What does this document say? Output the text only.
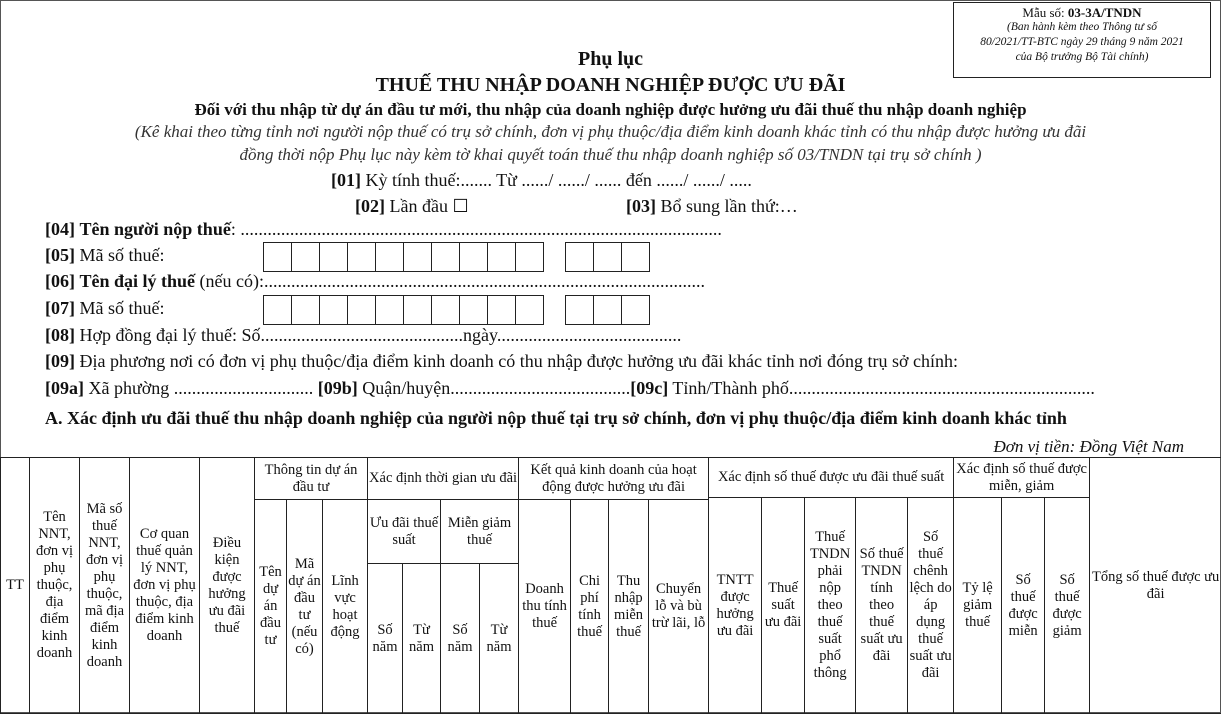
Mẫu số: 03-3A/TNDN
(Ban hành kèm theo Thông tư số
80/2021/TT-BTC ngày 29 tháng 9 năm 2021
của Bộ trưởng Bộ Tài chính)
Phụ lục
THUẾ THU NHẬP DOANH NGHIỆP ĐƯỢC ƯU ĐÃI
Đối với thu nhập từ dự án đầu tư mới, thu nhập của doanh nghiệp được hưởng ưu đãi thuế thu nhập doanh nghiệp
(Kê khai theo từng tỉnh nơi người nộp thuế có trụ sở chính, đơn vị phụ thuộc/địa điểm kinh doanh khác tỉnh có thu nhập được hưởng ưu đãi
đồng thời nộp Phụ lục này kèm tờ khai quyết toán thuế thu nhập doanh nghiệp số 03/TNDN tại trụ sở chính )
[01] Kỳ tính thuế:....... Từ ....../ ....../ ...... đến ....../ ....../ .....
[02] Lần đầu ☐	[03] Bổ sung lần thứ:…
[04] Tên người nộp thuế: ...........................................................................................................
[05] Mã số thuế:
[06] Tên đại lý thuế (nếu có):..................................................................................................
[07] Mã số thuế:
[08] Hợp đồng đại lý thuế: Số.............................................ngày.........................................
[09] Địa phương nơi có đơn vị phụ thuộc/địa điểm kinh doanh có thu nhập được hưởng ưu đãi khác tỉnh nơi đóng trụ sở chính:
[09a] Xã phường ............................... [09b] Quận/huyện........................................[09c] Tỉnh/Thành phố....................................................................
A. Xác định ưu đãi thuế thu nhập doanh nghiệp của người nộp thuế tại trụ sở chính, đơn vị phụ thuộc/địa điểm kinh doanh khác tỉnh
Đơn vị tiền: Đồng Việt Nam
TT	Tên NNT, đơn vị phụ thuộc, địa điểm kinh doanh	Mã số thuế NNT, đơn vị phụ thuộc, mã địa điểm kinh doanh	Cơ quan thuế quản lý NNT, đơn vị phụ thuộc, địa điểm kinh doanh	Điều kiện được hưởng ưu đãi thuế	Thông tin dự án đầu tư			Xác định thời gian ưu đãi				Kết quả kinh doanh của hoạt động được hưởng ưu đãi				Xác định số thuế được ưu đãi thuế suất					Xác định số thuế được miễn, giảm			Tổng số thuế được ưu đãi
																TNTT được hưởng ưu đãi	Thuế suất ưu đãi	Thuế TNDN phải nộp theo thuế suất phổ thông	Số thuế TNDN tính theo thuế suất ưu đãi	Số thuế chênh lệch do áp dụng thuế suất ưu đãi	Tỷ lệ giảm thuế	Số thuế được miễn	Số thuế được giảm	
					Tên dự án đầu tư	Mã dự án đầu tư (nếu có)	Lĩnh vực hoạt động	Ưu đãi thuế suất		Miễn giảm thuế		Doanh thu tính thuế	Chi phí tính thuế	Thu nhập miễn thuế	Chuyển lỗ và bù trừ lãi, lỗ									
								Số năm	Từ năm	Số năm	Từ năm													
